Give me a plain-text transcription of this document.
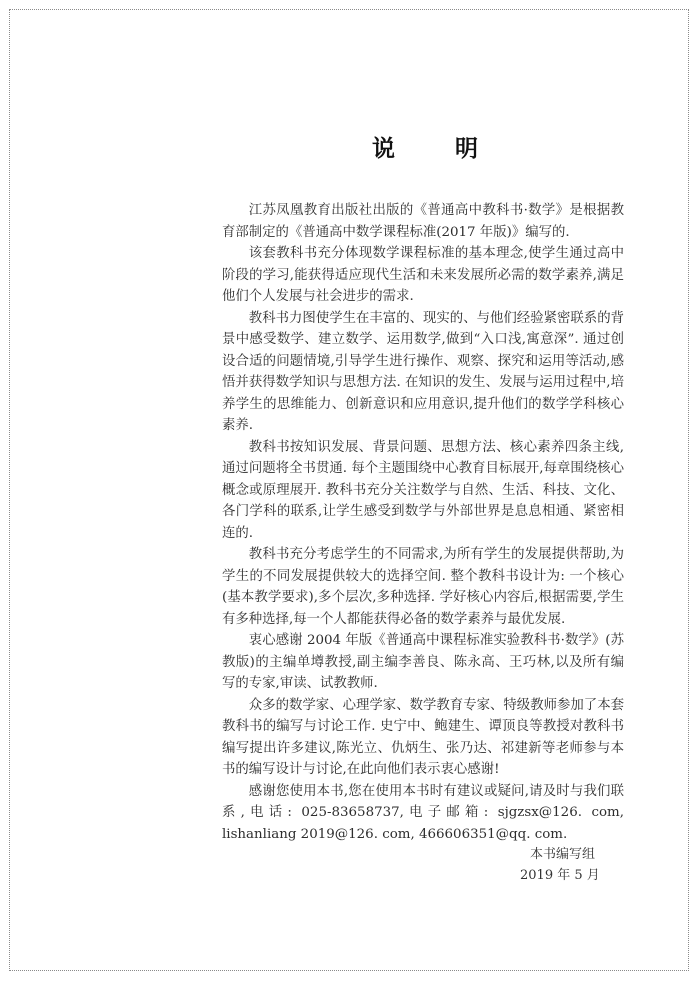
说	明

江苏凤凰教育出版社出版的《普通高中教科书·数学》是根据教育部制定的《普通高中数学课程标准(2017 年版)》编写的.

该套教科书充分体现数学课程标准的基本理念,使学生通过高中阶段的学习,能获得适应现代生活和未来发展所必需的数学素养,满足他们个人发展与社会进步的需求.

教科书力图使学生在丰富的、现实的、与他们经验紧密联系的背景中感受数学、建立数学、运用数学,做到“入口浅,寓意深”. 通过创设合适的问题情境,引导学生进行操作、观察、探究和运用等活动,感悟并获得数学知识与思想方法. 在知识的发生、发展与运用过程中,培养学生的思维能力、创新意识和应用意识,提升他们的数学学科核心素养.

教科书按知识发展、背景问题、思想方法、核心素养四条主线,通过问题将全书贯通. 每个主题围绕中心教育目标展开,每章围绕核心概念或原理展开. 教科书充分关注数学与自然、生活、科技、文化、各门学科的联系,让学生感受到数学与外部世界是息息相通、紧密相连的.

教科书充分考虑学生的不同需求,为所有学生的发展提供帮助,为学生的不同发展提供较大的选择空间. 整个教科书设计为: 一个核心(基本教学要求),多个层次,多种选择. 学好核心内容后,根据需要,学生有多种选择,每一个人都能获得必备的数学素养与最优发展.

衷心感谢 2004 年版《普通高中课程标准实验教科书·数学》(苏教版)的主编单墫教授,副主编李善良、陈永高、王巧林,以及所有编写的专家,审读、试教教师.

众多的数学家、心理学家、数学教育专家、特级教师参加了本套教科书的编写与讨论工作. 史宁中、鲍建生、谭顶良等教授对教科书编写提出许多建议,陈光立、仇炳生、张乃达、祁建新等老师参与本书的编写设计与讨论,在此向他们表示衷心感谢!

感谢您使用本书,您在使用本书时有建议或疑问,请及时与我们联系,电话: 025-83658737,电子邮箱: sjgzsx@126. com, lishanliang 2019@126. com, 466606351@qq. com.

本书编写组
2019 年 5 月
